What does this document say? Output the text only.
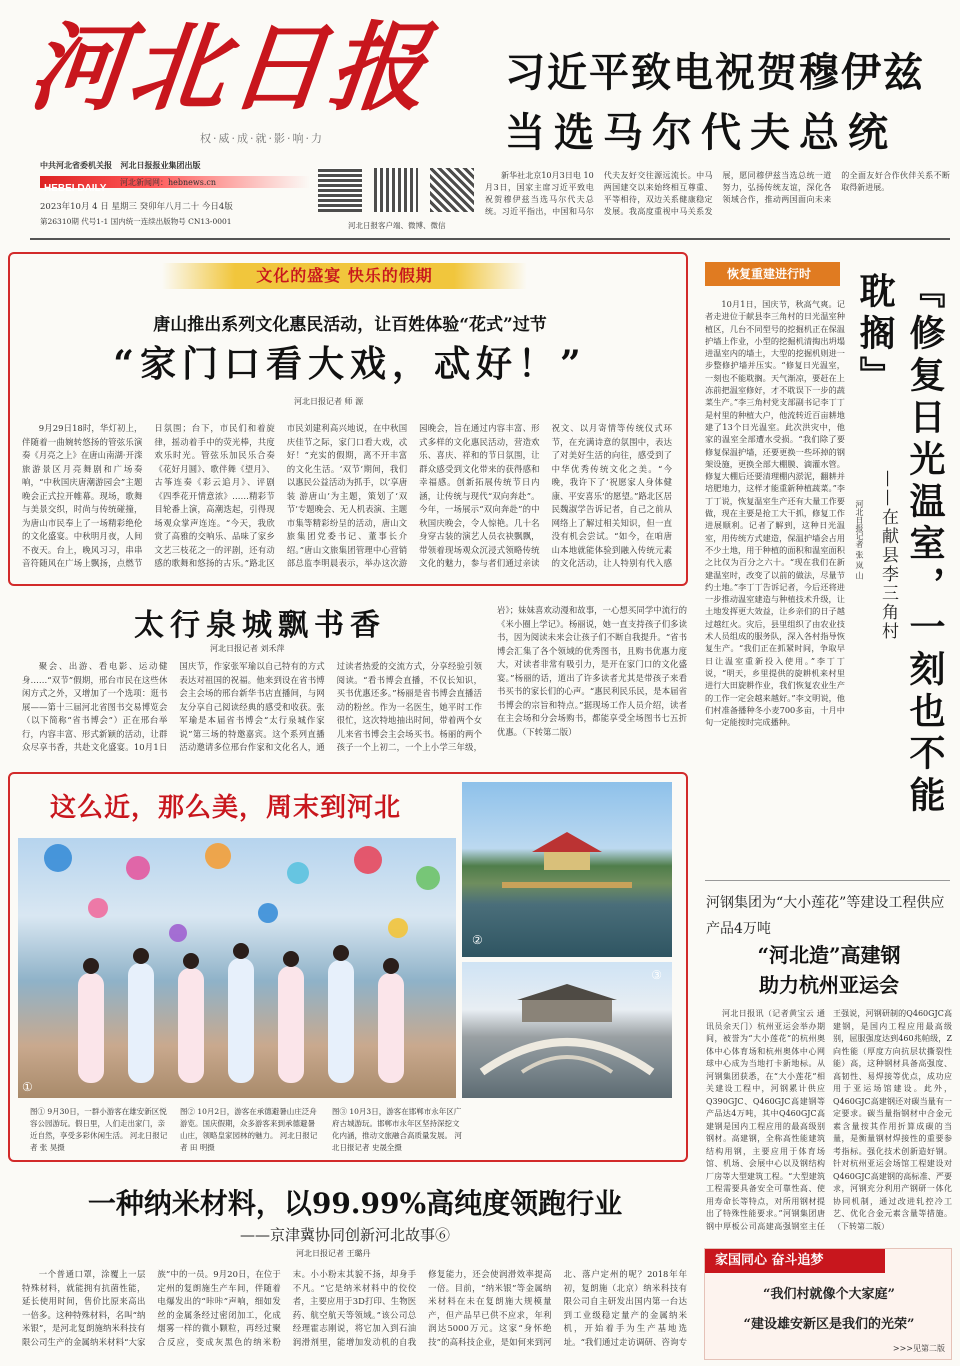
河北日报
权·威·成·就·影·响·力
中共河北省委机关报 河北日报报业集团出版
HEBEI DAILY
河北新闻网：hebnews.cn
2023年10月 4 日 星期三 癸卯年八月二十 今日4版
第26310期 代号1-1 国内统一连续出版物号 CN13-0001	河北日报客户端、微博、微信
习近平致电祝贺穆伊兹
当选马尔代夫总统

新华社北京10月3日电 10月3日，国家主席习近平致电祝贺穆伊兹当选马尔代夫总统。习近平指出，中国和马尔代夫友好交往源远流长。中马两国建交以来始终相互尊重、平等相待，双边关系健康稳定发展。我高度重视中马关系发展，愿同穆伊兹当选总统一道努力，弘扬传统友谊，深化各领域合作，推动两国面向未来的全面友好合作伙伴关系不断取得新进展。

文化的盛宴 快乐的假期
唐山推出系列文化惠民活动，让百姓体验“花式”过节
“家门口看大戏，忒好！”
河北日报记者 师 源

9月29日18时，华灯初上，伴随着一曲婉转悠扬的管弦乐演奏《月亮之上》在唐山南湖·开滦旅游景区月亮舞剧和广场奏响，“中秋国庆唐潮游园会”主题晚会正式拉开帷幕。现场，歌舞与美景交织，时尚与传统碰撞，为唐山市民奉上了一场精彩绝伦的文化盛宴。中秋明月夜，人间不夜天。台上，晚风习习，串串音符随风在广场上飘扬，点燃节日氛围；台下，市民们和着旋律，摇动着手中的荧光棒，共度欢乐时光。管弦乐加民乐合奏《花好月圆》、歌伴舞《望月》、古筝连奏《彩云追月》、评剧《四季花开情意浓》……精彩节目轮番上演，高潮迭起，引得现场观众掌声连连。“今天，我欣赏了高雅的交响乐、品味了家乡文艺三枝花之一的评剧，还有动感的歌舞和悠扬的古乐。”路北区市民刘建利高兴地说，在中秋国庆佳节之际，家门口看大戏，忒好！“充实的假期，离不开丰富的文化生活。‘双节’期间，我们以惠民公益活动为抓手，以‘享唐装 游唐山’为主题，策划了‘双节’专题晚会、无人机表演、主题市集等精彩纷呈的活动，唐山文旅集团党委书记、董事长介绍。”唐山文旅集团管理中心营销部总监李明晨表示，举办这次游园晚会，旨在通过内容丰富、形式多样的文化惠民活动，营造欢乐、喜庆、祥和的节日氛围，让群众感受到文化带来的获得感和幸福感。创新拓展传统节日内涵，让传统与现代“双向奔赴”。今年，一场展示“双向奔赴”的中秋国庆晚会，令人惊艳。几十名身穿古装的演艺人员衣袂飘飘，带领着现场观众沉浸式领略传统文化的魅力，参与者们通过亲读祝文、以月寄情等传统仪式环节，在充满诗意的氛围中，表达了对美好生活的向往，感受到了中华优秀传统文化之美。“今晚，我许下了‘祝愿家人身体健康、平安喜乐’的愿望。”路北区居民魏淑学告诉记者，自己之前从网络上了解过相关知识，但一直没有机会尝试。“如今，在咱唐山本地就能体验到融入传统元素的文化活动，让人特别有代入感

太行泉城飘书香
河北日报记者 刘禾萍

聚会、出游、看电影、运动健身……“双节”假期，邢台市民在这些休闲方式之外，又增加了一个选项：逛书展——第十三届河北省图书交易博览会（以下简称“省书博会”）正在邢台举行，内容丰富、形式新颖的活动，让群众尽享书香，共赴文化盛宴。10月1日国庆节，作家张军瑜以自己特有的方式表达对祖国的祝福。他来到设在省书博会主会场的邢台新华书店直播间，与网友分享自己阅读经典的感受和收获。张军瑜是本届省书博会“太行泉城作家说”第三场的特邀嘉宾。这个系列直播活动邀请多位邢台作家和文化名人，通过读者热爱的交流方式，分享经验引领阅读。“看书博会直播，不仅长知识，买书优惠还多。”杨丽是省书博会直播活动的粉丝。作为一名医生，她平时工作很忙，这次特地抽出时间，带着两个女儿来省书博会主会场买书。杨丽的两个孩子一个上初二，一个上小学三年级，

岩》；妹妹喜欢动漫和故事，一心想买同学中流行的《米小圈上学记》。杨丽说，她一直支持孩子们多读书，因为阅读未来会让孩子们不断自我提升。“省书博会汇集了各个领域的优秀图书，且购书优惠力度大，对读者非常有吸引力，是开在家门口的文化盛宴。”杨丽的话，道出了许多读者尤其是带孩子来看书买书的家长们的心声。“惠民利民乐民，是本届省书博会的宗旨和特点。”据现场工作人员介绍，读者在主会场和分会场购书，都能享受全场图书七五折优惠。（下转第二版）

这么近，那么美，周末到河北
①
②
③
图① 9月30日，一群小游客在雄安新区悦容公园游玩。假日里，人们走出家门，亲近自然，享受多彩休闲生活。 河北日报记者 张 昊摄
图② 10月2日，游客在承德避暑山庄泛舟游览。国庆假期，众多游客来到承德避暑山庄，领略皇家园林的魅力。 河北日报记者 田 明摄
图③ 10月3日，游客在邯郸市永年区广府古城游玩。邯郸市永年区坚持深挖文化内涵，推动文旅融合高质量发展。 河北日报记者 史晟全摄
一种纳米材料，以99.99%高纯度领跑行业
——京津冀协同创新河北故事⑥
河北日报记者 王璐丹

一个普通口罩，涂覆上一层特殊材料，就能拥有抗菌性能，延长使用时间，售价比原来高出一倍多。这种特殊材料，名叫“纳米银”，是河北复朗施纳米科技有限公司生产的金属纳米材料“大家族”中的一员。9月20日，在位于定州的复朗施生产车间，伴随着电爆发出的“咔咔”声响，细如发丝的金属条经过密闭加工，化成烟雾一样的微小颗粒，再经过聚合反应，变成灰黑色的纳米粉末。小小粉末其貌不扬，却身手不凡。“它是纳米材料中的佼佼者，主要应用于3D打印、生物医药、航空航天等领域。”该公司总经理霍志刚说，将它加入到石油润滑剂里，能增加发动机的自我修复能力，还会使润滑效率提高一倍。目前，“纳米银”等金属纳米材料在未在复朗施大规模量产，但产品早已供不应求，年利润达5000万元。这家“身怀绝技”的高科技企业，是如何来到河北、落户定州的呢？2018年年初，复朗施（北京）纳米科技有限公司自主研发出国内第一台达到工业级稳定量产的金属纳米机，开始着手为生产基地选址。“我们通过走访调研、咨询专

恢复重建进行时

10月1日，国庆节，秋高气爽。记者走进位于献县李三角村的日光温室种植区，几台不同型号的挖掘机正在保温护墙上作业，小型的挖掘机清掏出坍塌进温室内的墙土，大型的挖掘机则进一步整修护墙并压实。“修复日光温室，一刻也不能耽搁。天气渐凉，要赶在上冻前把温室修好，才不耽误下一步的蔬菜生产。”李三角村党支部副书记李丁丁是村里的种植大户，他流转近百亩耕地建了13个日光温室。此次洪灾中，他家的温室全部遭水受损。“我们除了要修复保温护墙，还要更换一些坏掉的钢架设施，更换全部大棚膜、滴灌水管。修复大棚后还要清理棚内淤泥，翻耕并培肥地力，这样才能重新种植蔬菜。”李丁丁说，恢复温室生产还有大量工作要做，现在主要是抢工大干抓，修复工作进展顺利。记者了解到，这种日光温室，用传统方式建造，保温护墙会占用不少土地，用于种植的面积和温室面积之比仅为百分之六十。“现在我们在新建温室时，改变了以前的做法，尽量节约土地。”李丁丁告诉记者，今后还将进一步推动温室建造与种植技术升级，让土地发挥更大效益，让乡亲们的日子越过越红火。灾后，县里组织了由农业技术人员组成的服务队，深入各村指导恢复生产。“我们正在抓紧时间，争取早日让温室重新投入使用。”李丁丁说，“明天，乡里提供的旋耕机来村里进行大田旋耕作业，我们恢复农业生产的工作一定会越来越好。”李文明说，他们村准备播种冬小麦700多亩，十月中旬一定能按时完成播种。	『修复日光温室，一刻也不能耽搁』
——在献县李三角村
河北日报记者 张 岚 山
河钢集团为“大小莲花”等建设工程供应产品4万吨
“河北造”高建钢
助力杭州亚运会

河北日报讯（记者黄宝云 通讯员余天门）杭州亚运会举办期间，被誉为“大小莲花”的杭州奥体中心体育场和杭州奥体中心网球中心成为当地打卡新地标。从河钢集团获悉，在“大小莲花”相关建设工程中，河钢累计供应Q390GJC、Q460GJC高建钢等产品达4万吨，其中Q460GJC高建钢是国内工程应用的最高级别钢材。高建钢，全称高性能建筑结构用钢，主要应用于体育场馆、机场、会展中心以及钢结构厂房等大型建筑工程。“大型建筑工程需要具备安全可靠性高、使用寿命长等特点，对所用钢材提出了特殊性能要求。”河钢集团唐钢中厚板公司高建高强钢室主任王强说，河钢研制的Q460GJC高建钢，是国内工程应用最高级别，屈服强度达到460兆帕级，Z向性能（厚度方向抗层状撕裂性能）高，这种钢材具备高强度、高韧性、易焊接等优点，成功应用于亚运场馆建设。此外，Q460GJC高建钢还对碳当量有一定要求。碳当量指钢材中合金元素含量按其作用折算成碳的当量，是衡量钢材焊接性的重要参考指标。强化技术创新造好钢。针对杭州亚运会场馆工程建设对Q460GJC高建钢的高标准、严要求，河钢充分利用产钢研一体化协同机制，通过改进轧控冷工艺、优化合金元素含量等措施。（下转第二版）

家国同心 奋斗追梦
“我们村就像个大家庭”
“建设雄安新区是我们的光荣”
>>>见第二版
